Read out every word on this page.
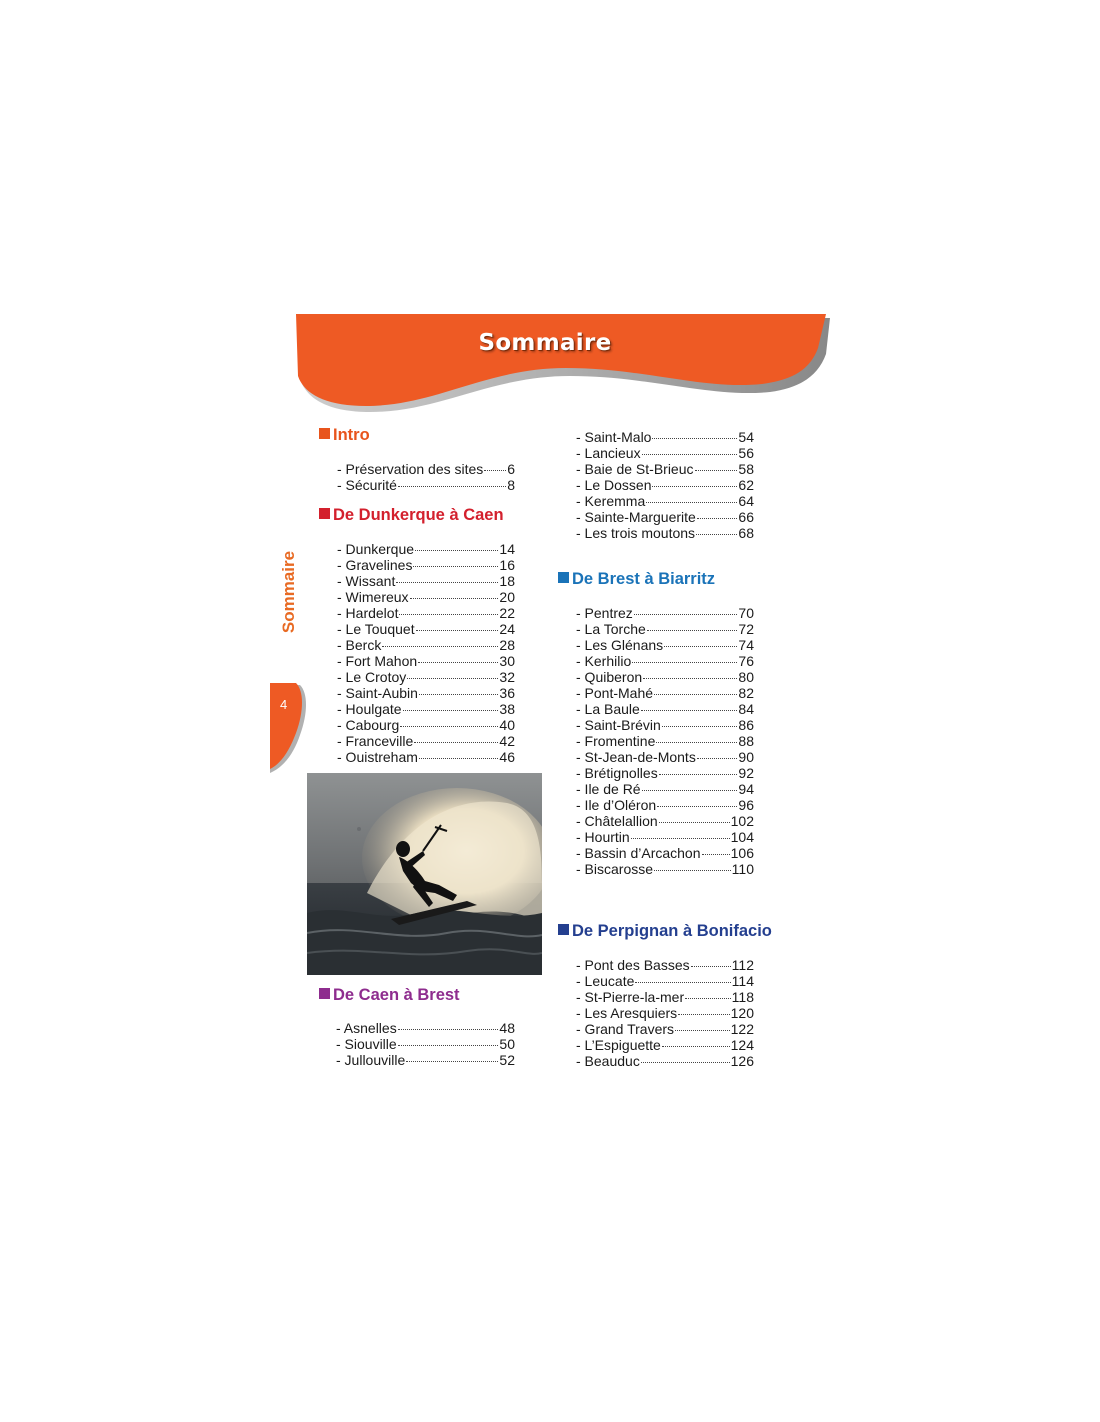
Sommaire
Sommaire
4
Intro
- Préservation des sites 6
- Sécurité	8
De Dunkerque à Caen
- Dunkerque	14
- Gravelines	16
- Wissant	18
- Wimereux	20
- Hardelot	22
- Le Touquet	24
- Berck	28
- Fort Mahon	30
- Le Crotoy	32
- Saint-Aubin	36
- Houlgate	38
- Cabourg	40
- Franceville	42
- Ouistreham	46
De Caen à Brest
- Asnelles	48
- Siouville	50
- Jullouville	52
- Saint-Malo	54
- Lancieux	56
- Baie de St-Brieuc	58
- Le Dossen	62
- Keremma	64
- Sainte-Marguerite	66
- Les trois moutons	68
De Brest à Biarritz
- Pentrez	70
- La Torche	72
- Les Glénans	74
- Kerhilio	76
- Quiberon	80
- Pont-Mahé	82
- La Baule	84
- Saint-Brévin	86
- Fromentine	88
- St-Jean-de-Monts	90
- Brétignolles	92
- Ile de Ré	94
- Ile d’Oléron	96
- Châtelallion	102
- Hourtin	104
- Bassin d’Arcachon 106
- Biscarosse	110
De Perpignan à Bonifacio
- Pont des Basses	112
- Leucate	114
- St-Pierre-la-mer	118
- Les Aresquiers	120
- Grand Travers	122
- L’Espiguette	124
- Beauduc	126
